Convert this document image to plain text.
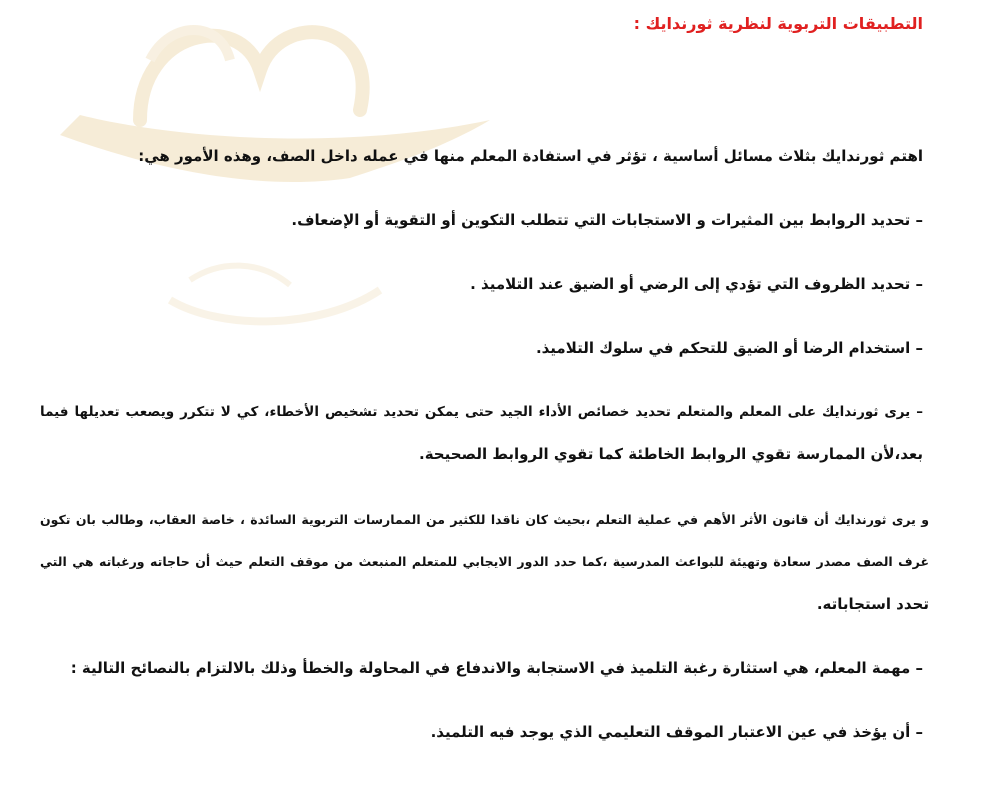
التطبيقات التربوية لنظرية ثورندايك :
اهتم ثورندايك بثلاث مسائل أساسية ، تؤثر في استفادة المعلم منها في عمله داخل الصف، وهذه الأمور هي:
– تحديد الروابط بين المثيرات و الاستجابات التي تتطلب التكوين أو التقوية أو الإضعاف.
– تحديد الظروف التي تؤدي إلى الرضي أو الضيق عند التلاميذ .
– استخدام الرضا أو الضيق للتحكم في سلوك التلاميذ.
– يرى ثورندايك على المعلم والمتعلم تحديد خصائص الأداء الجيد حتى يمكن تحديد تشخيص الأخطاء، كي لا تتكرر ويصعب تعديلها فيما
بعد،لأن الممارسة تقوي الروابط الخاطئة كما تقوي الروابط الصحيحة.
و يرى ثورندايك أن قانون الأثر الأهم في عملية التعلم ،بحيث كان ناقدا للكثير من الممارسات التربوية السائدة ، خاصة العقاب، وطالب بان تكون
غرف الصف مصدر سعادة وتهيئة للبواعث المدرسية ،كما حدد الدور الايجابي للمتعلم المنبعث من موقف التعلم حيث أن حاجاته ورغباته هي التي
تحدد استجاباته.
– مهمة المعلم، هي استثارة رغبة التلميذ في الاستجابة والاندفاع في المحاولة والخطأ وذلك بالالتزام بالنصائح التالية :
– أن يؤخذ في عين الاعتبار الموقف التعليمي الذي يوجد فيه التلميذ.
